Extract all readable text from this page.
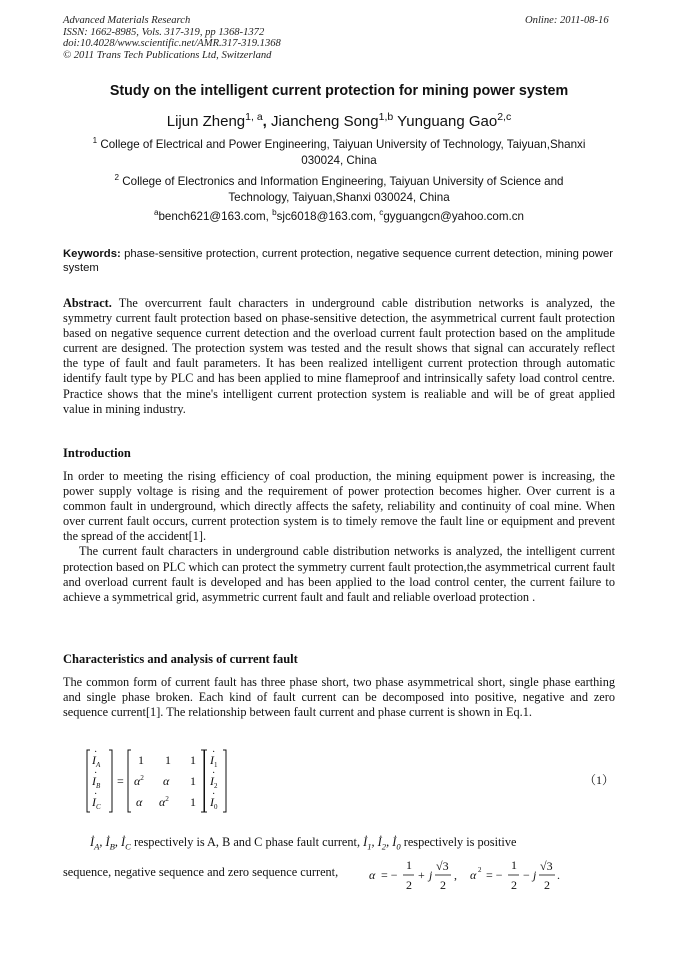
Advanced Materials Research	Online: 2011-08-16
ISSN: 1662-8985, Vols. 317-319, pp 1368-1372
doi:10.4028/www.scientific.net/AMR.317-319.1368
© 2011 Trans Tech Publications Ltd, Switzerland
Study on the intelligent current protection for mining power system
Lijun Zheng$^{1, a}$, Jiancheng Song$^{1,b}$ Yunguang Gao$^{2,c}$
$^1$ College of Electrical and Power Engineering, Taiyuan University of Technology, Taiyuan,Shanxi
030024, China
$^2$ College of Electronics and Information Engineering, Taiyuan University of Science and
Technology, Taiyuan,Shanxi 030024, China
$^a$bench621@163.com, $^b$sjc6018@163.com, $^c$gyguangcn@yahoo.com.cn
Keywords: phase-sensitive protection, current protection, negative sequence current detection, mining power system

Abstract. The overcurrent fault characters in underground cable distribution networks is analyzed, the symmetry current fault protection based on phase-sensitive detection, the asymmetrical current fault protection based on negative sequence current detection and the overload current fault protection based on the amplitude current are designed. The protection system was tested and the result shows that signal can accurately reflect the type of fault and fault parameters. It has been realized intelligent current protection through automatic identify fault type by PLC and has been applied to mine flameproof and intrinsically safety load control centre. Practice shows that the mine's intelligent current protection system is realiable and will be of great applied value in mining industry.

Introduction

In order to meeting the rising efficiency of coal production, the mining equipment power is increasing, the power supply voltage is rising and the requirement of power protection becomes higher. Over current is a common fault in underground, which directly affects the safety, reliability and continuity of coal mine. When over current fault occurs, current protection system is to timely remove the fault line or equipment and prevent the spread of the accident[1].

The current fault characters in underground cable distribution networks is analyzed, the intelligent current protection based on PLC which can protect the symmetry current fault protection,the asymmetrical current fault and overload current fault is developed and has been applied to the load control center, the current failure to achieve a symmetrical grid, asymmetric current fault and fault and reliable overload protection .

Characteristics and analysis of current fault

The common form of current fault has three phase short, two phase asymmetrical short, single phase earthing and single phase broken. Each kind of fault current can be decomposed into positive, negative and zero sequence current[1]. The relationship between fault current and phase current is shown in Eq.1.

$I_A$
$I_B$
$I_C$
·
·
·
=
1 1 1
$\alpha^2$ α 1
α $\alpha^2$ 1
$I_1$
$I_2$
$I_0$
·
·
·
（1）
$İ_A$, $İ_B$, $İ_C$ respectively is A, B and C phase fault current, $İ_1$, $İ_2$, $İ_0$ respectively is positive
sequence, negative sequence and zero sequence current,	α = −
1
2
+ j
√3
2
, α 2 = −
1
2
− j
√3
2
.
